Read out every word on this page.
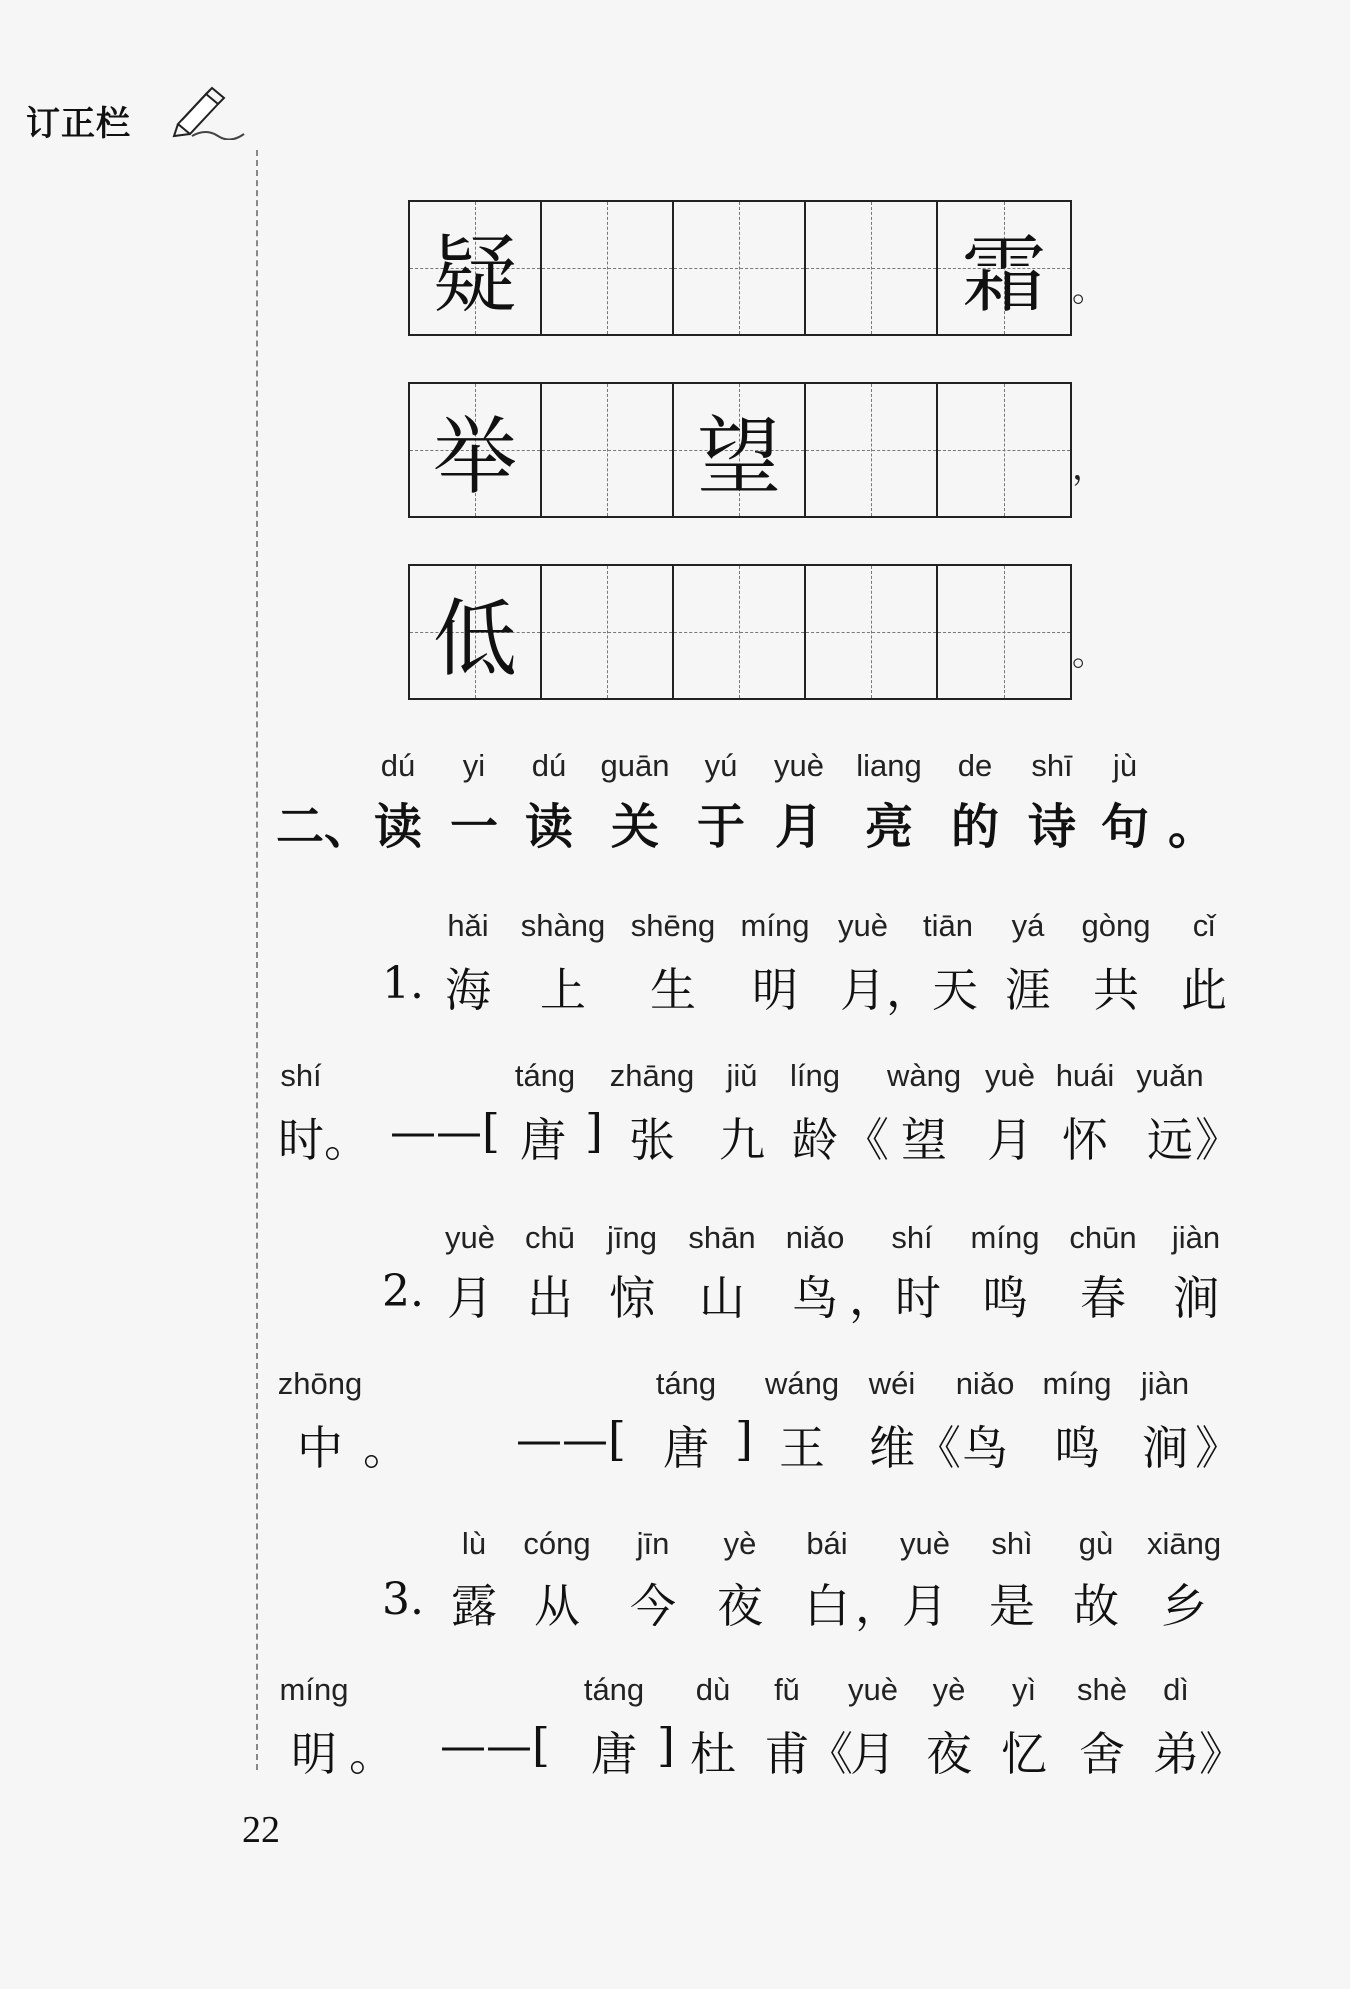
订正栏
疑	霜 。
举 望	，
低	。
dú yi dú guān yú yuè liang de shī jù
二、 读 一 读 关 于 月 亮 的 诗 句 。
hǎi shàng shēng míng yuè tiān yá gòng cǐ
1. 海 上 生 明 月 ，天 涯 共 此
shí	táng zhāng jiǔ líng wàng yuè huái yuǎn
时。 ——[ 唐 ] 张 九 龄 《 望 月 怀 远 》
yuè chū jīng shān niǎo shí míng chūn jiàn
2. 月 出 惊 山 鸟 ，时 鸣 春 涧
zhōng	táng wáng wéi niǎo míng jiàn
中 。 ——[ 唐 ] 王 维 《 鸟 鸣 涧 》
lù cóng jīn yè bái yuè shì gù xiāng
3. 露 从 今 夜 白 ， 月 是 故 乡
míng	táng dù fǔ yuè yè yì shè dì
明 。 ——[ 唐 ] 杜 甫
《
月 夜 忆 舍 弟 》
22
